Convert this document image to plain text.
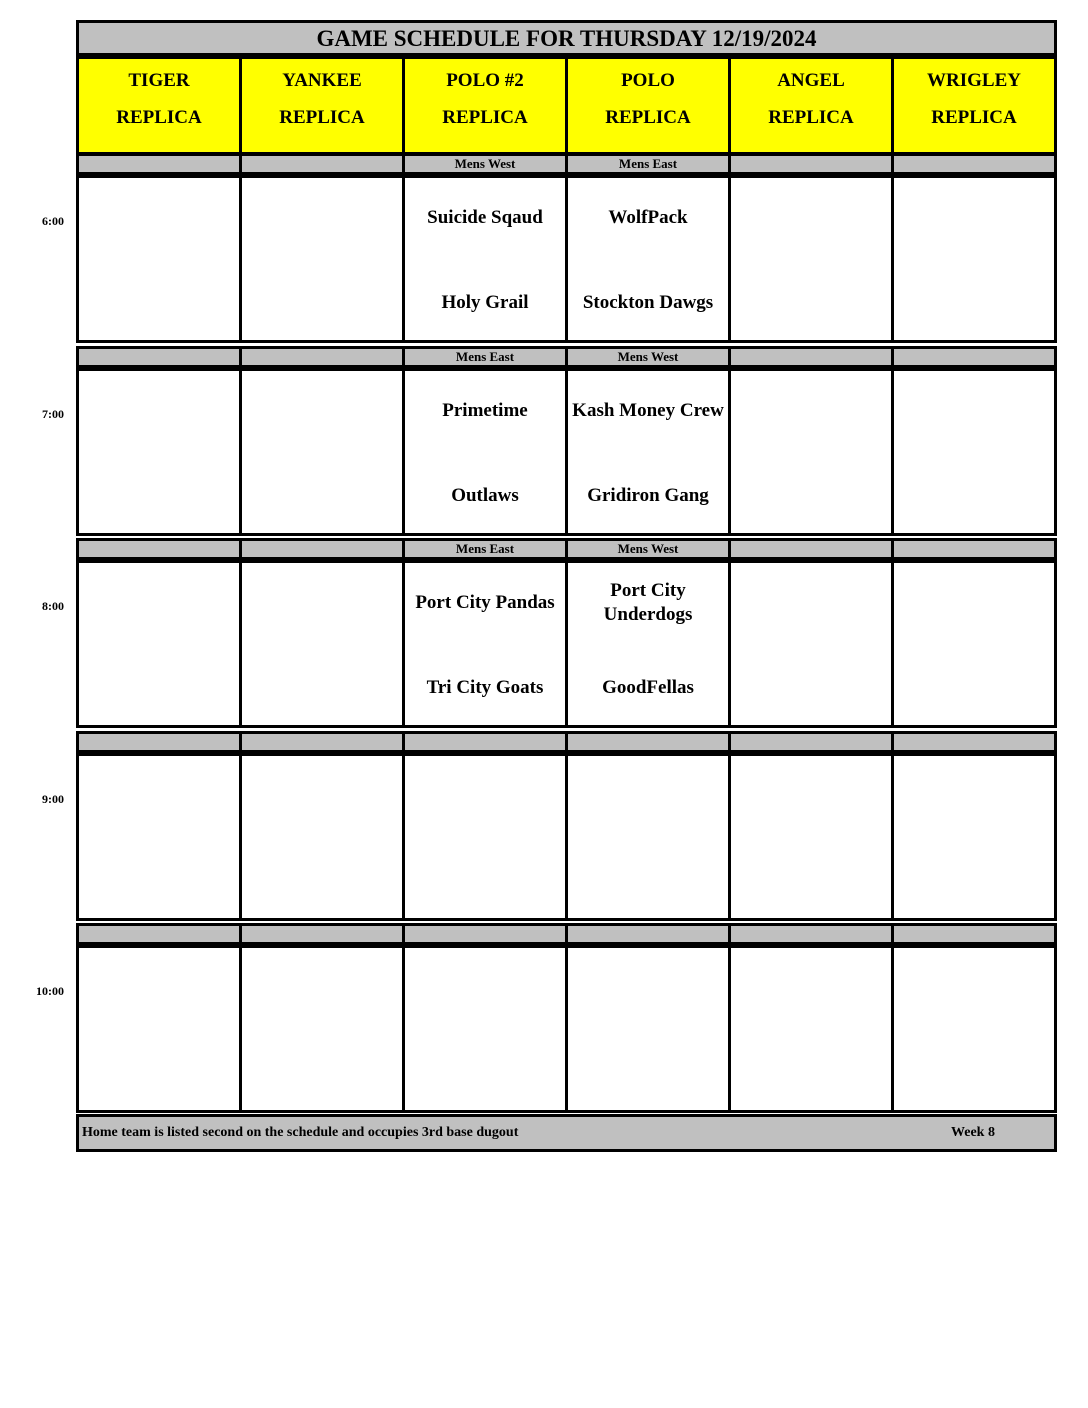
GAME SCHEDULE FOR THURSDAY 12/19/2024
TIGER
REPLICA
YANKEE
REPLICA
POLO #2
REPLICA
POLO
REPLICA
ANGEL
REPLICA
WRIGLEY
REPLICA
Mens West
Suicide Sqaud
Holy Grail
Mens East
WolfPack
Stockton Dawgs
Mens East
Primetime
Outlaws
Mens West
Kash Money Crew
Gridiron Gang
Mens East
Port City Pandas
Tri City Goats
Mens West
Port City Underdogs
GoodFellas
Home team is listed second on the schedule and occupies 3rd base dugout	Week 8
6:00
7:00
8:00
9:00
10:00
